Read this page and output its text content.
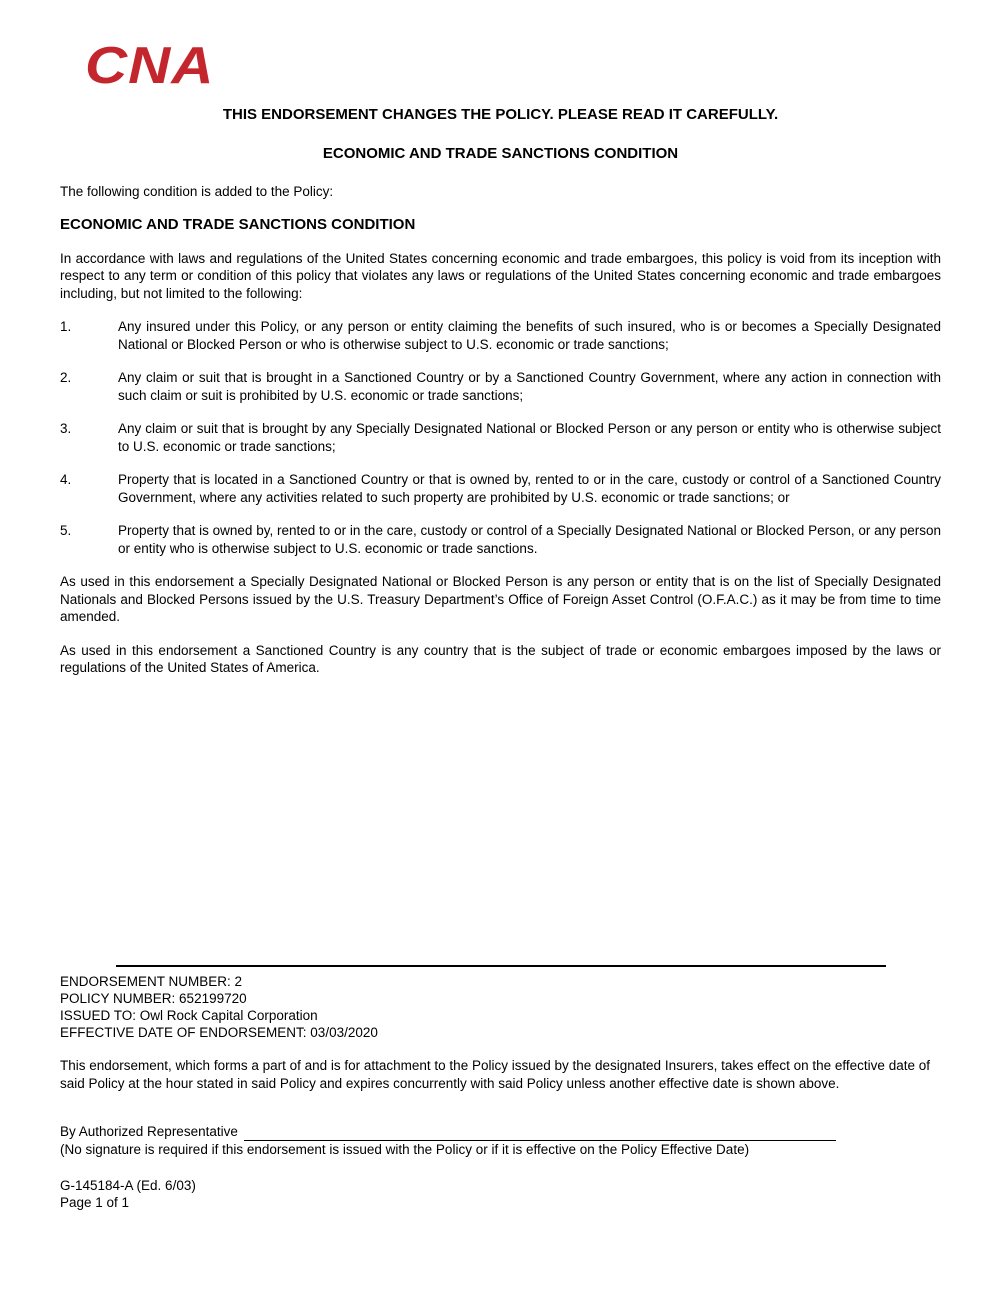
CNA
THIS ENDORSEMENT CHANGES THE POLICY. PLEASE READ IT CAREFULLY.
ECONOMIC AND TRADE SANCTIONS CONDITION
The following condition is added to the Policy:
ECONOMIC AND TRADE SANCTIONS CONDITION
In accordance with laws and regulations of the United States concerning economic and trade embargoes, this policy is void from its inception with respect to any term or condition of this policy that violates any laws or regulations of the United States concerning economic and trade embargoes including, but not limited to the following:
1.	Any insured under this Policy, or any person or entity claiming the benefits of such insured, who is or becomes a Specially Designated National or Blocked Person or who is otherwise subject to U.S. economic or trade sanctions;
2.	Any claim or suit that is brought in a Sanctioned Country or by a Sanctioned Country Government, where any action in connection with such claim or suit is prohibited by U.S. economic or trade sanctions;
3.	Any claim or suit that is brought by any Specially Designated National or Blocked Person or any person or entity who is otherwise subject to U.S. economic or trade sanctions;
4.	Property that is located in a Sanctioned Country or that is owned by, rented to or in the care, custody or control of a Sanctioned Country Government, where any activities related to such property are prohibited by U.S. economic or trade sanctions; or
5.	Property that is owned by, rented to or in the care, custody or control of a Specially Designated National or Blocked Person, or any person or entity who is otherwise subject to U.S. economic or trade sanctions.
As used in this endorsement a Specially Designated National or Blocked Person is any person or entity that is on the list of Specially Designated Nationals and Blocked Persons issued by the U.S. Treasury Department’s Office of Foreign Asset Control (O.F.A.C.) as it may be from time to time amended.
As used in this endorsement a Sanctioned Country is any country that is the subject of trade or economic embargoes imposed by the laws or regulations of the United States of America.
ENDORSEMENT NUMBER: 2
POLICY NUMBER: 652199720
ISSUED TO: Owl Rock Capital Corporation
EFFECTIVE DATE OF ENDORSEMENT: 03/03/2020
This endorsement, which forms a part of and is for attachment to the Policy issued by the designated Insurers, takes effect on the effective date of said Policy at the hour stated in said Policy and expires concurrently with said Policy unless another effective date is shown above.
By Authorized Representative
(No signature is required if this endorsement is issued with the Policy or if it is effective on the Policy Effective Date)
G-145184-A (Ed. 6/03)
Page 1 of 1
